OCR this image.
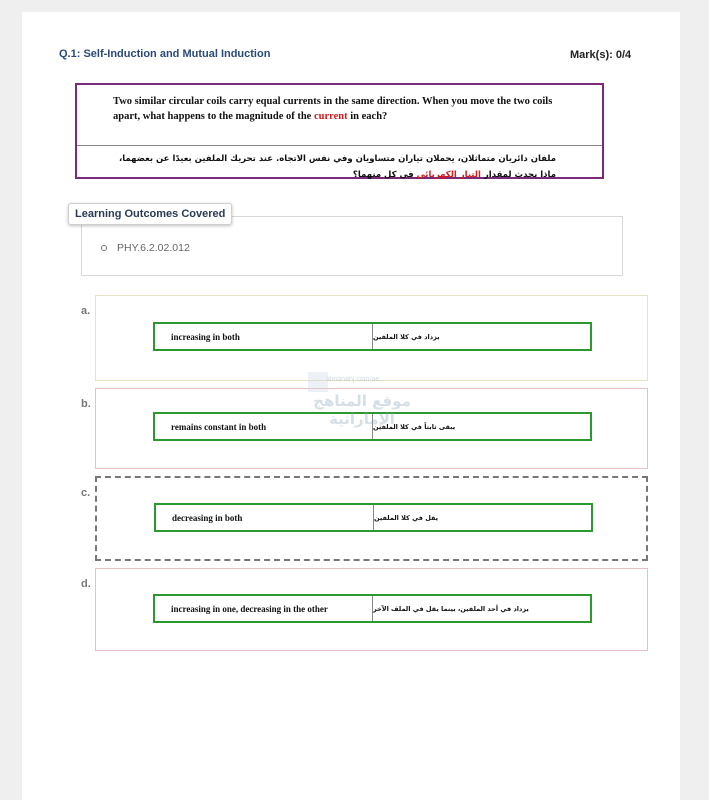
Q.1: Self-Induction and Mutual Induction	Mark(s): 0/4
Two similar circular coils carry equal currents in the same direction. When you move the two coils apart, what happens to the magnitude of the current in each?
ملفان دائريان متماثلان، يحملان تياران متساويان وفي نفس الاتجاه. عند تحريك الملفين بعيدًا عن بعضهما، ماذا يحدث لمقدار التيار الكهربائي في كل منهما؟
Learning Outcomes Covered
PHY.6.2.02.012
a.
increasing in both	يزداد في كلا الملفين
b.
remains constant in both	يبقى ثابتاً في كلا الملفين
c.
decreasing in both	يقل في كلا الملفين
d.
increasing in one, decreasing in the other	يزداد في أحد الملفين، بينما يقل في الملف الآخر
almanahj.com/ae
موقع المناهج الإماراتية
